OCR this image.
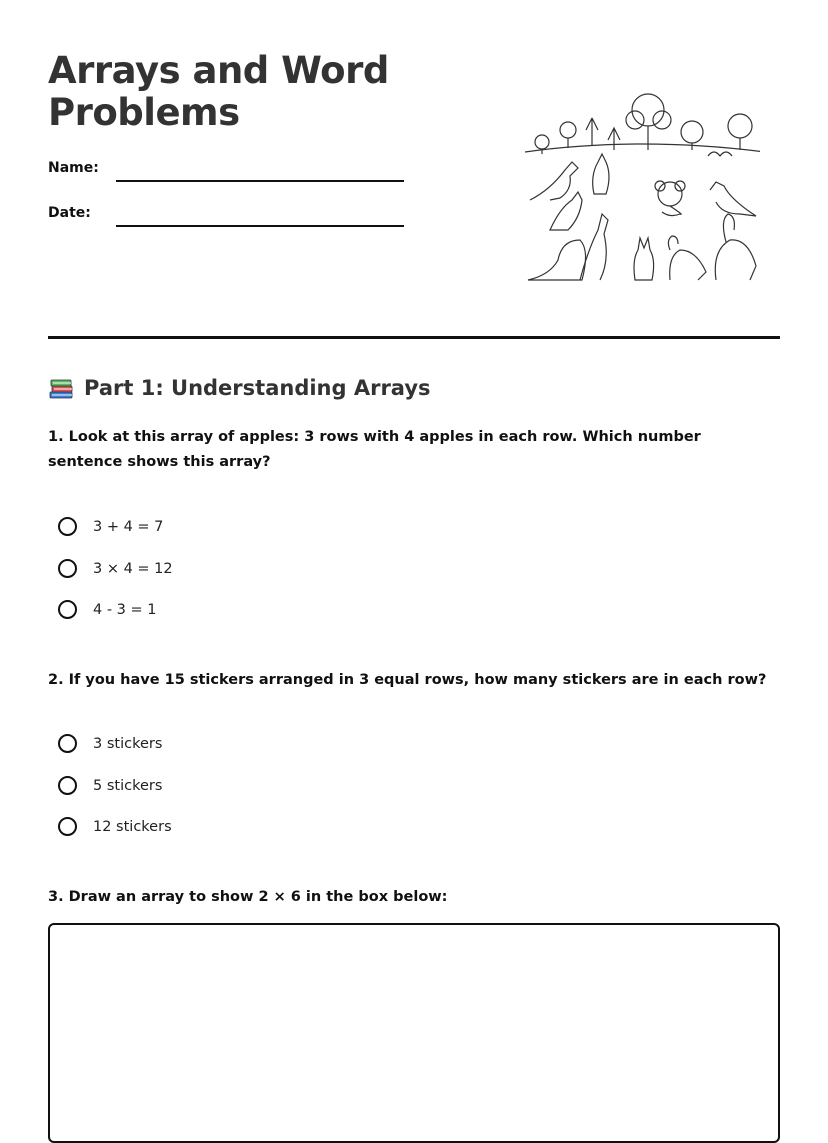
Arrays and Word
Problems
Name:
Date:
Part 1: Understanding Arrays

1. Look at this array of apples: 3 rows with 4 apples in each row. Which number sentence shows this array?

3 + 4 = 7
3 × 4 = 12
4 - 3 = 1

2. If you have 15 stickers arranged in 3 equal rows, how many stickers are in each row?

3 stickers
5 stickers
12 stickers

3. Draw an array to show 2 × 6 in the box below:
